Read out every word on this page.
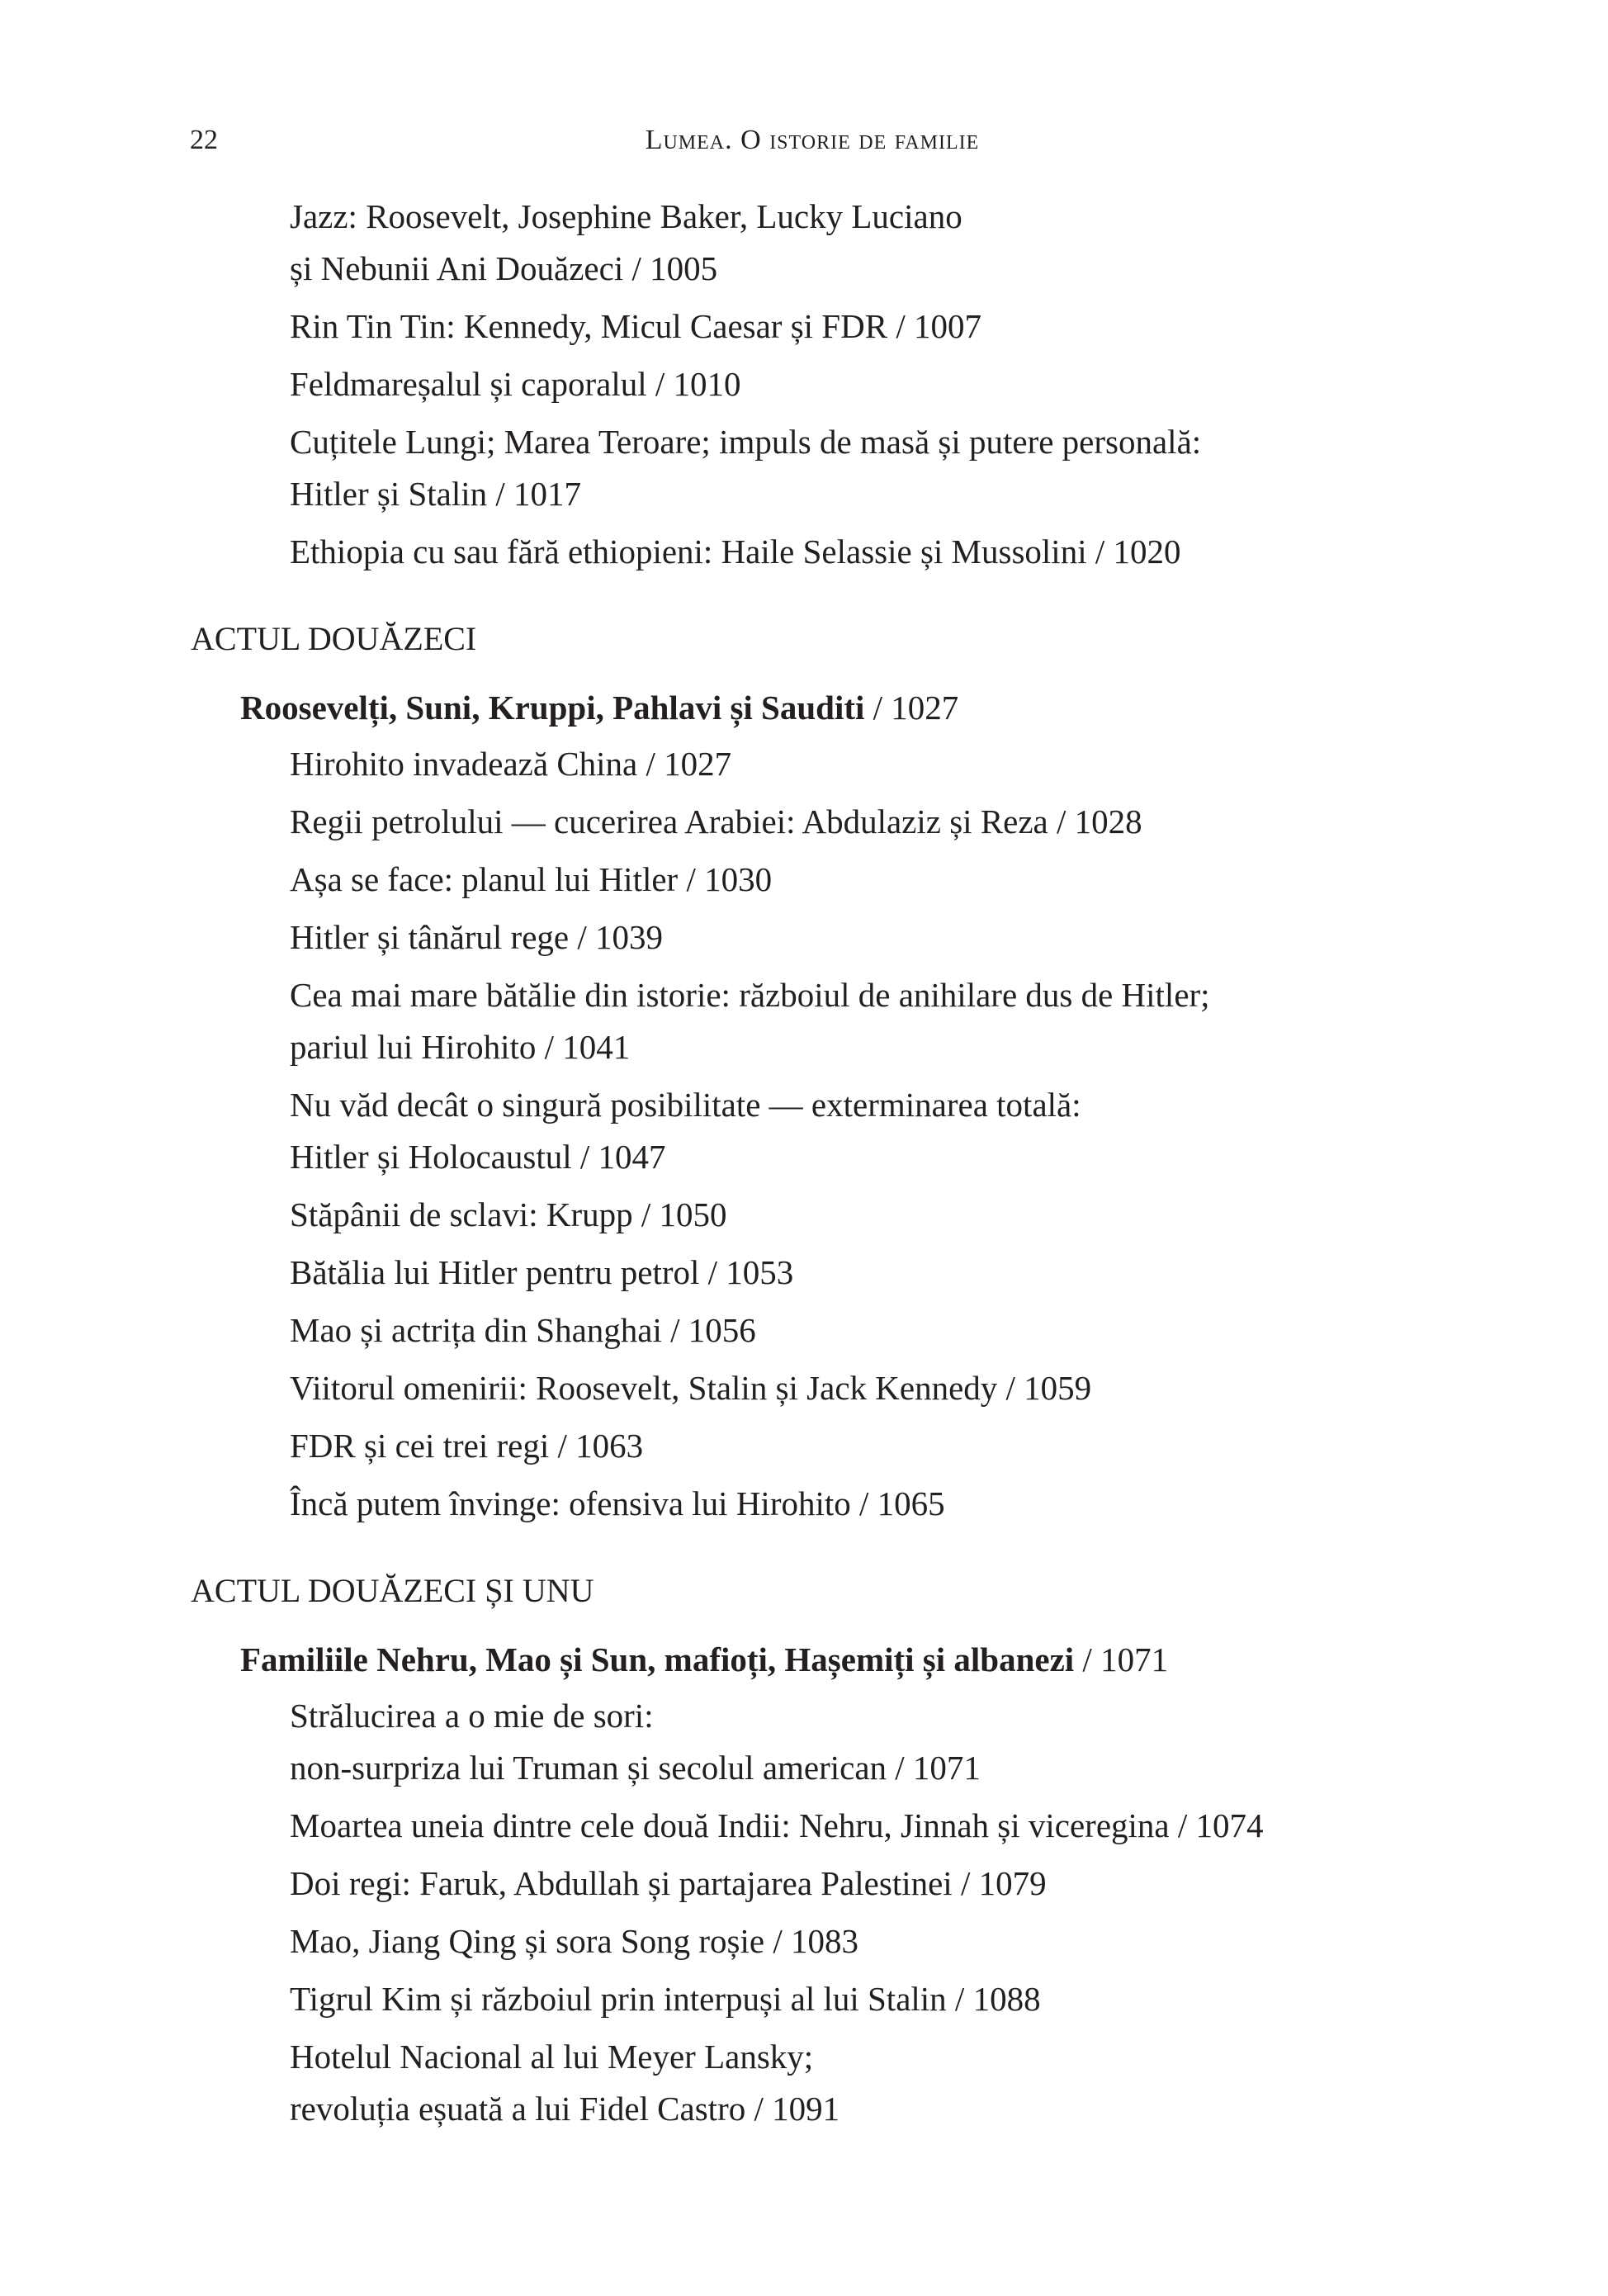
22	Lumea. O istorie de familie
Jazz: Roosevelt, Josephine Baker, Lucky Luciano
și Nebunii Ani Douăzeci / 1005
Rin Tin Tin: Kennedy, Micul Caesar și FDR / 1007
Feldmareșalul și caporalul / 1010
Cuțitele Lungi; Marea Teroare; impuls de masă și putere personală:
Hitler și Stalin / 1017
Ethiopia cu sau fără ethiopieni: Haile Selassie și Mussolini / 1020
ACTUL DOUĂZECI
Roosevelți, Suni, Kruppi, Pahlavi și Sauditi / 1027
Hirohito invadează China / 1027
Regii petrolului — cucerirea Arabiei: Abdulaziz și Reza / 1028
Așa se face: planul lui Hitler / 1030
Hitler și tânărul rege / 1039
Cea mai mare bătălie din istorie: războiul de anihilare dus de Hitler;
pariul lui Hirohito / 1041
Nu văd decât o singură posibilitate — exterminarea totală:
Hitler și Holocaustul / 1047
Stăpânii de sclavi: Krupp / 1050
Bătălia lui Hitler pentru petrol / 1053
Mao și actrița din Shanghai / 1056
Viitorul omenirii: Roosevelt, Stalin și Jack Kennedy / 1059
FDR și cei trei regi / 1063
Încă putem învinge: ofensiva lui Hirohito / 1065
ACTUL DOUĂZECI ȘI UNU
Familiile Nehru, Mao și Sun, mafioți, Hașemiți și albanezi / 1071
Strălucirea a o mie de sori:
non-surpriza lui Truman și secolul american / 1071
Moartea uneia dintre cele două Indii: Nehru, Jinnah și viceregina / 1074
Doi regi: Faruk, Abdullah și partajarea Palestinei / 1079
Mao, Jiang Qing și sora Song roșie / 1083
Tigrul Kim și războiul prin interpuși al lui Stalin / 1088
Hotelul Nacional al lui Meyer Lansky;
revoluția eșuată a lui Fidel Castro / 1091
